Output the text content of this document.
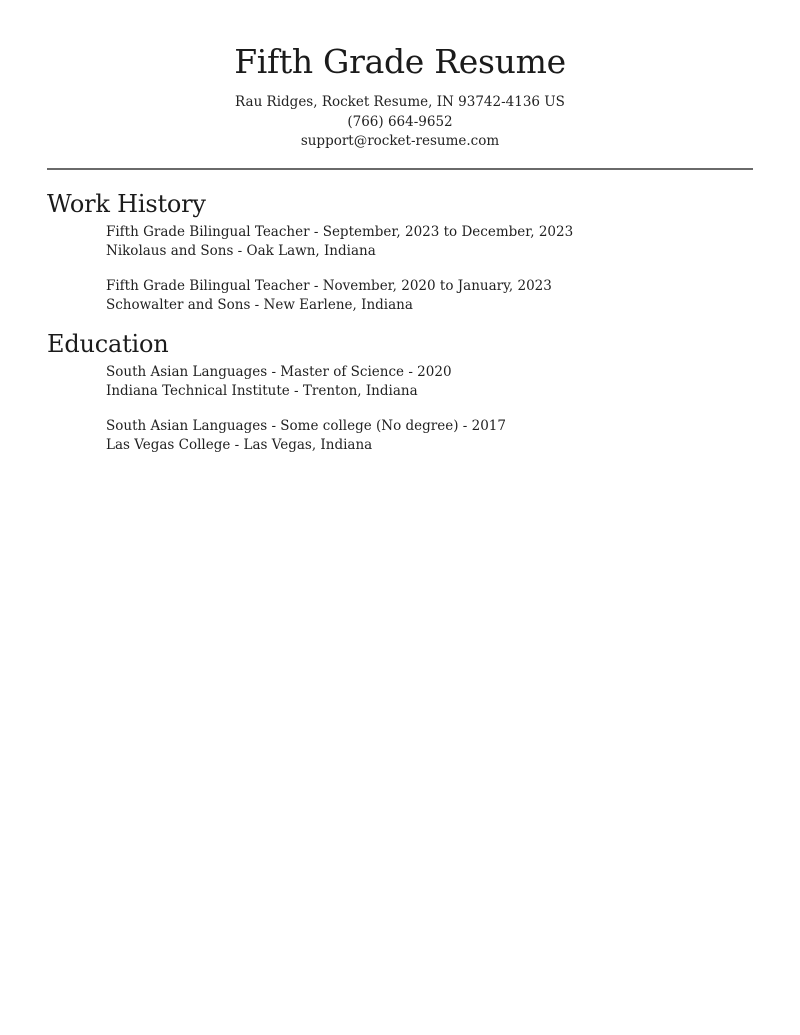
Fifth Grade Resume
Rau Ridges, Rocket Resume, IN 93742-4136 US
(766) 664-9652
support@rocket-resume.com
Work History
Fifth Grade Bilingual Teacher - September, 2023 to December, 2023
Nikolaus and Sons - Oak Lawn, Indiana
Fifth Grade Bilingual Teacher - November, 2020 to January, 2023
Schowalter and Sons - New Earlene, Indiana
Education
South Asian Languages - Master of Science - 2020
Indiana Technical Institute - Trenton, Indiana
South Asian Languages - Some college (No degree) - 2017
Las Vegas College - Las Vegas, Indiana
